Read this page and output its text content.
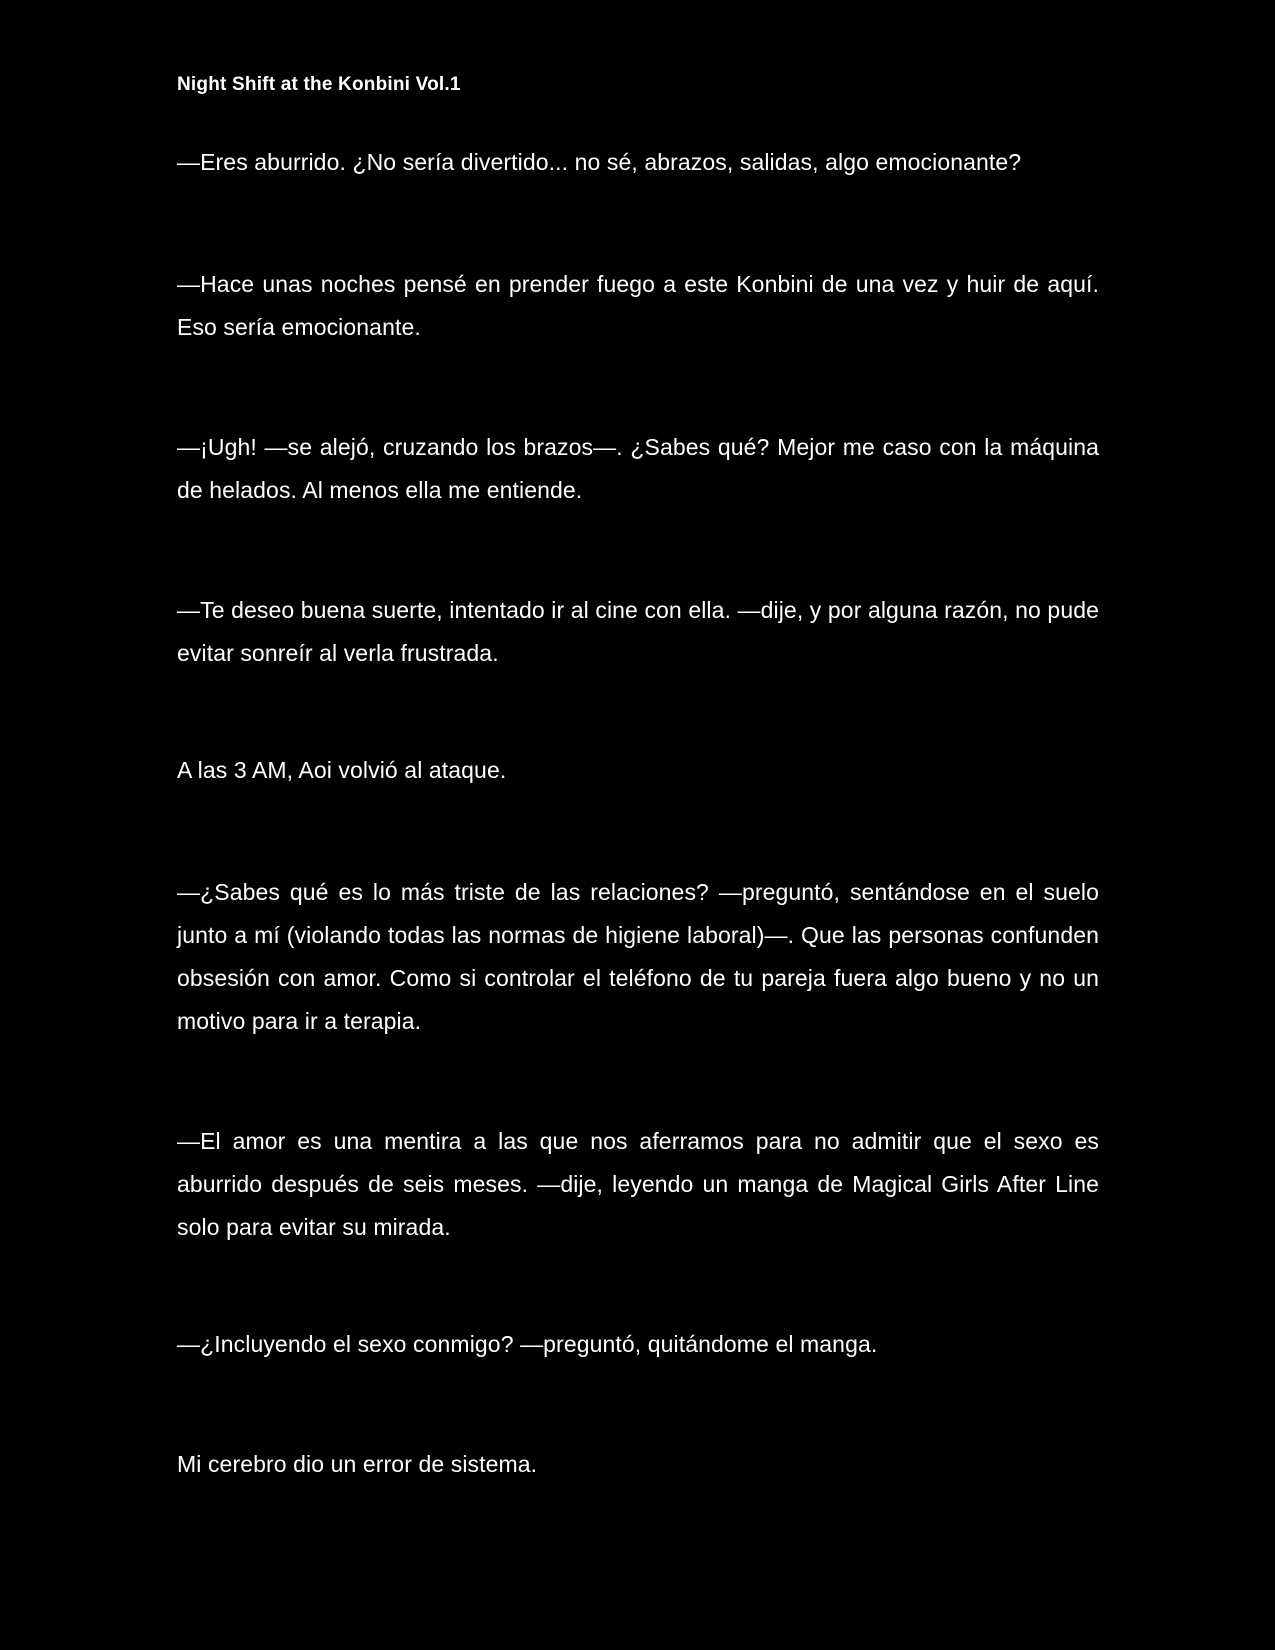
Night Shift at the Konbini Vol.1

—Eres aburrido. ¿No sería divertido... no sé, abrazos, salidas, algo emocionante?

—Hace unas noches pensé en prender fuego a este Konbini de una vez y huir de aquí. Eso sería emocionante.

—¡Ugh! —se alejó, cruzando los brazos—. ¿Sabes qué? Mejor me caso con la máquina de helados. Al menos ella me entiende.

—Te deseo buena suerte, intentado ir al cine con ella. —dije, y por alguna razón, no pude evitar sonreír al verla frustrada.

A las 3 AM, Aoi volvió al ataque.

—¿Sabes qué es lo más triste de las relaciones? —preguntó, sentándose en el suelo junto a mí (violando todas las normas de higiene laboral)—. Que las personas confunden obsesión con amor. Como si controlar el teléfono de tu pareja fuera algo bueno y no un motivo para ir a terapia.

—El amor es una mentira a las que nos aferramos para no admitir que el sexo es aburrido después de seis meses. —dije, leyendo un manga de Magical Girls After Line solo para evitar su mirada.

—¿Incluyendo el sexo conmigo? —preguntó, quitándome el manga.

Mi cerebro dio un error de sistema.
